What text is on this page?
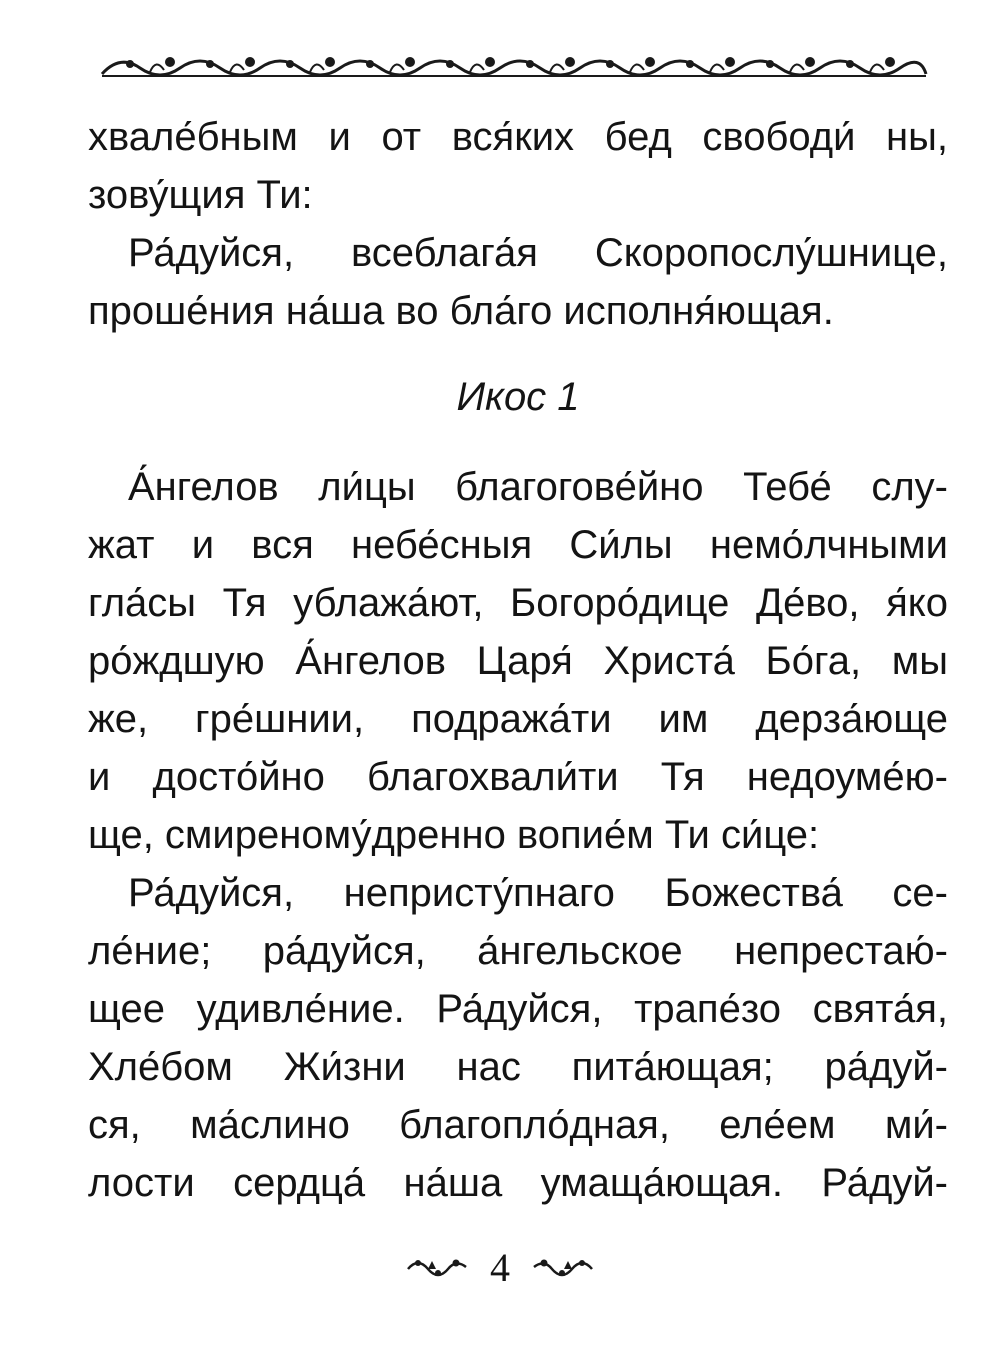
хвале́бным и от вся́ких бед свободи́ ны,
зову́щия Ти:
Ра́дуйся, всеблага́я Скоропослу́шнице,
проше́ния на́ша во бла́го исполня́ющая.
Икос 1
А́нгелов ли́цы благогове́йно Тебе́ слу-
жат и вся небе́сныя Си́лы немо́лчными
гла́сы Тя ублажа́ют, Богоро́дице Де́во, я́ко
ро́ждшую А́нгелов Царя́ Христа́ Бо́га, мы
же, гре́шнии, подража́ти им дерза́юще
и досто́йно благохвали́ти Тя недоуме́ю-
ще, смиреному́дренно вопие́м Ти си́це:
Ра́дуйся, непристу́пнаго Божества́ се-
ле́ние; ра́дуйся, а́нгельское непрестаю́-
щее удивле́ние. Ра́дуйся, трапе́зо свята́я,
Хле́бом Жи́зни нас пита́ющая; ра́дуй-
ся, ма́слино благопло́дная, еле́ем ми́-
лости сердца́ на́ша умаща́ющая. Ра́дуй-
4
